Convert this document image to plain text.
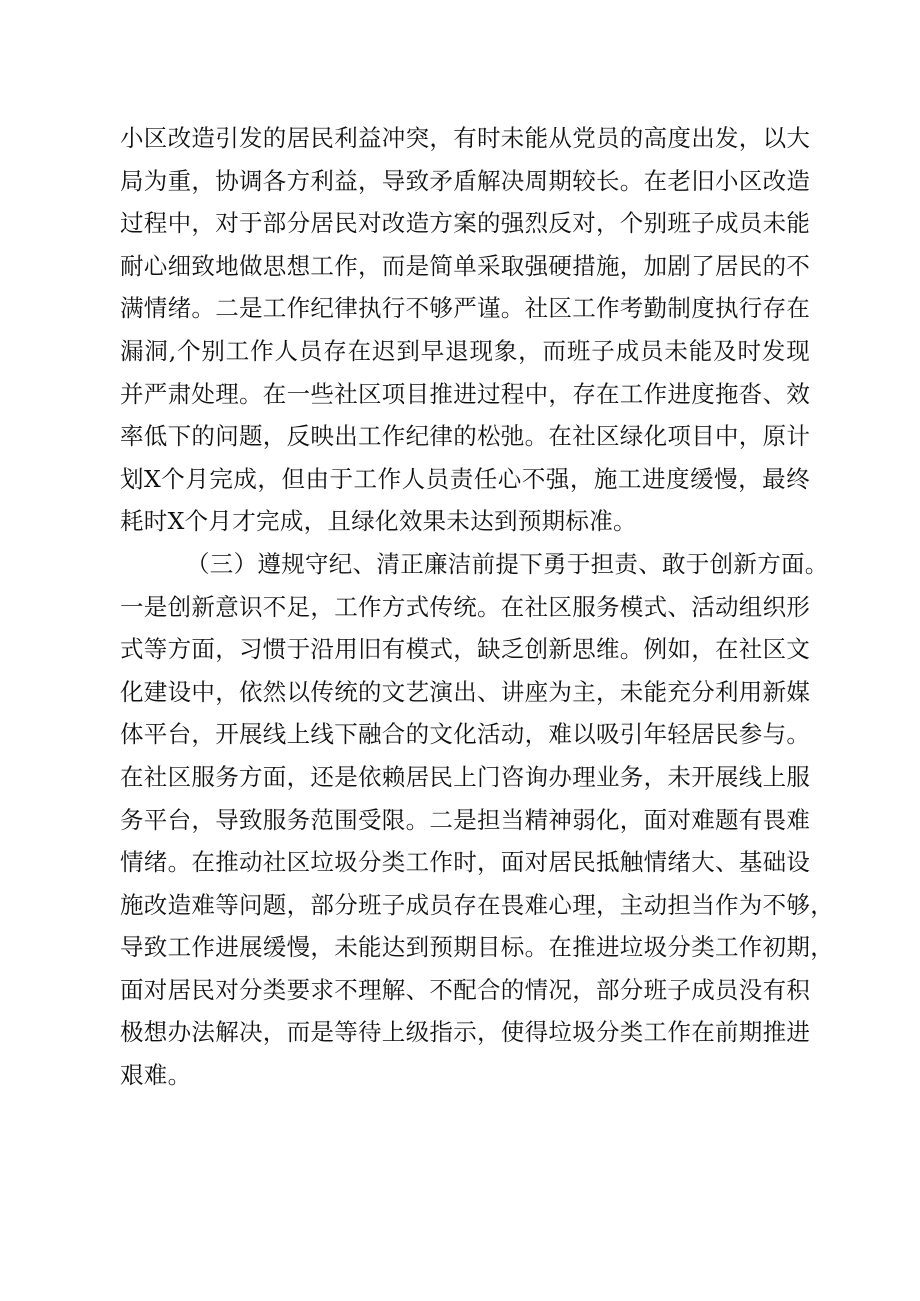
小区改造引发的居民利益冲突，有时未能从党员的高度出发，以大
局为重，协调各方利益，导致矛盾解决周期较长。在老旧小区改造
过程中，对于部分居民对改造方案的强烈反对，个别班子成员未能
耐心细致地做思想工作，而是简单采取强硬措施，加剧了居民的不
满情绪。二是工作纪律执行不够严谨。社区工作考勤制度执行存在
漏洞,个别工作人员存在迟到早退现象，而班子成员未能及时发现
并严肃处理。在一些社区项目推进过程中，存在工作进度拖沓、效
率低下的问题，反映出工作纪律的松弛。在社区绿化项目中，原计
划X个月完成，但由于工作人员责任心不强，施工进度缓慢，最终
耗时X个月才完成，且绿化效果未达到预期标准。
（三）遵规守纪、清正廉洁前提下勇于担责、敢于创新方面。
一是创新意识不足，工作方式传统。在社区服务模式、活动组织形
式等方面，习惯于沿用旧有模式，缺乏创新思维。例如，在社区文
化建设中，依然以传统的文艺演出、讲座为主，未能充分利用新媒
体平台，开展线上线下融合的文化活动，难以吸引年轻居民参与。
在社区服务方面，还是依赖居民上门咨询办理业务，未开展线上服
务平台，导致服务范围受限。二是担当精神弱化，面对难题有畏难
情绪。在推动社区垃圾分类工作时，面对居民抵触情绪大、基础设
施改造难等问题，部分班子成员存在畏难心理，主动担当作为不够，
导致工作进展缓慢，未能达到预期目标。在推进垃圾分类工作初期，
面对居民对分类要求不理解、不配合的情况，部分班子成员没有积
极想办法解决，而是等待上级指示，使得垃圾分类工作在前期推进
艰难。
